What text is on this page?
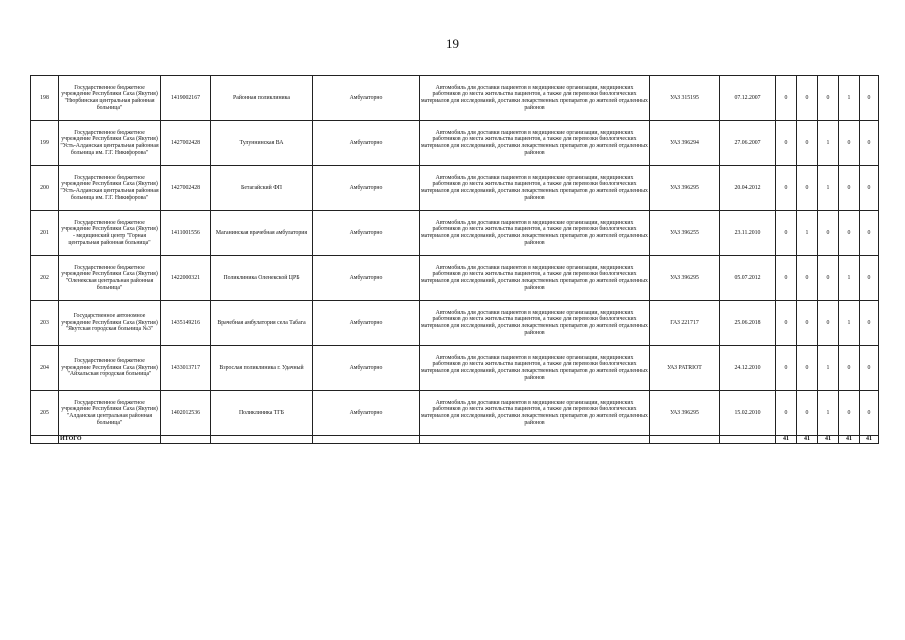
19
198	Государственное бюджетное учреждение Республики Саха (Якутия) "Нюрбинская центральная районная больница"	1419002167	Районная поликлиника	Амбулаторно	Автомобиль для доставки пациентов в медицинские организации, медицинских работников до места жительства пациентов, а также для перевозки биологических материалов для исследований, доставки лекарственных препаратов до жителей отдаленных районов	УАЗ 315195	07.12.2007	0	0	0	1	0
199	Государственное бюджетное учреждение Республики Саха (Якутия) "Усть-Алданская центральная районная больница им. Г.Г. Никифорова"	1427002428	Тулуннинская ВА	Амбулаторно	Автомобиль для доставки пациентов в медицинские организации, медицинских работников до места жительства пациентов, а также для перевозки биологических материалов для исследований, доставки лекарственных препаратов до жителей отдаленных районов	УАЗ 396294	27.06.2007	0	0	1	0	0
200	Государственное бюджетное учреждение Республики Саха (Якутия) "Усть-Алданская центральная районная больница им. Г.Г. Никифорова"	1427002428	Бетагайский ФП	Амбулаторно	Автомобиль для доставки пациентов в медицинские организации, медицинских работников до места жительства пациентов, а также для перевозки биологических материалов для исследований, доставки лекарственных препаратов до жителей отдаленных районов	УАЗ 396295	20.04.2012	0	0	1	0	0
201	Государственное бюджетное учреждение Республики Саха (Якутия) - медицинский центр "Горная центральная районная больница"	1411001556	Маганинская врачебная амбулатория	Амбулаторно	Автомобиль для доставки пациентов в медицинские организации, медицинских работников до места жительства пациентов, а также для перевозки биологических материалов для исследований, доставки лекарственных препаратов до жителей отдаленных районов	УАЗ 396255	23.11.2010	0	1	0	0	0
202	Государственное бюджетное учреждение Республики Саха (Якутия) "Оленекская центральная районная больница"	1422000321	Поликлиника Оленекской ЦРБ	Амбулаторно	Автомобиль для доставки пациентов в медицинские организации, медицинских работников до места жительства пациентов, а также для перевозки биологических материалов для исследований, доставки лекарственных препаратов до жителей отдаленных районов	УАЗ 396295	05.07.2012	0	0	0	1	0
203	Государственное автономное учреждение Республики Саха (Якутия) "Якутская городская больница №3"	1435149216	Врачебная амбулатория села Табага	Амбулаторно	Автомобиль для доставки пациентов в медицинские организации, медицинских работников до места жительства пациентов, а также для перевозки биологических материалов для исследований, доставки лекарственных препаратов до жителей отдаленных районов	ГАЗ 221717	25.06.2018	0	0	0	1	0
204	Государственное бюджетное учреждение Республики Саха (Якутия) "Айхальская городская больница"	1433013717	Взрослая поликлиника г. Удачный	Амбулаторно	Автомобиль для доставки пациентов в медицинские организации, медицинских работников до места жительства пациентов, а также для перевозки биологических материалов для исследований, доставки лекарственных препаратов до жителей отдаленных районов	УАЗ PATRIOT	24.12.2010	0	0	1	0	0
205	Государственное бюджетное учреждение Республики Саха (Якутия) "Алданская центральная районная больница"	1402012536	Поликлиника ТГБ	Амбулаторно	Автомобиль для доставки пациентов в медицинские организации, медицинских работников до места жительства пациентов, а также для перевозки биологических материалов для исследований, доставки лекарственных препаратов до жителей отдаленных районов	УАЗ 396295	15.02.2010	0	0	1	0	0
	ИТОГО							41	41	41	41	41
